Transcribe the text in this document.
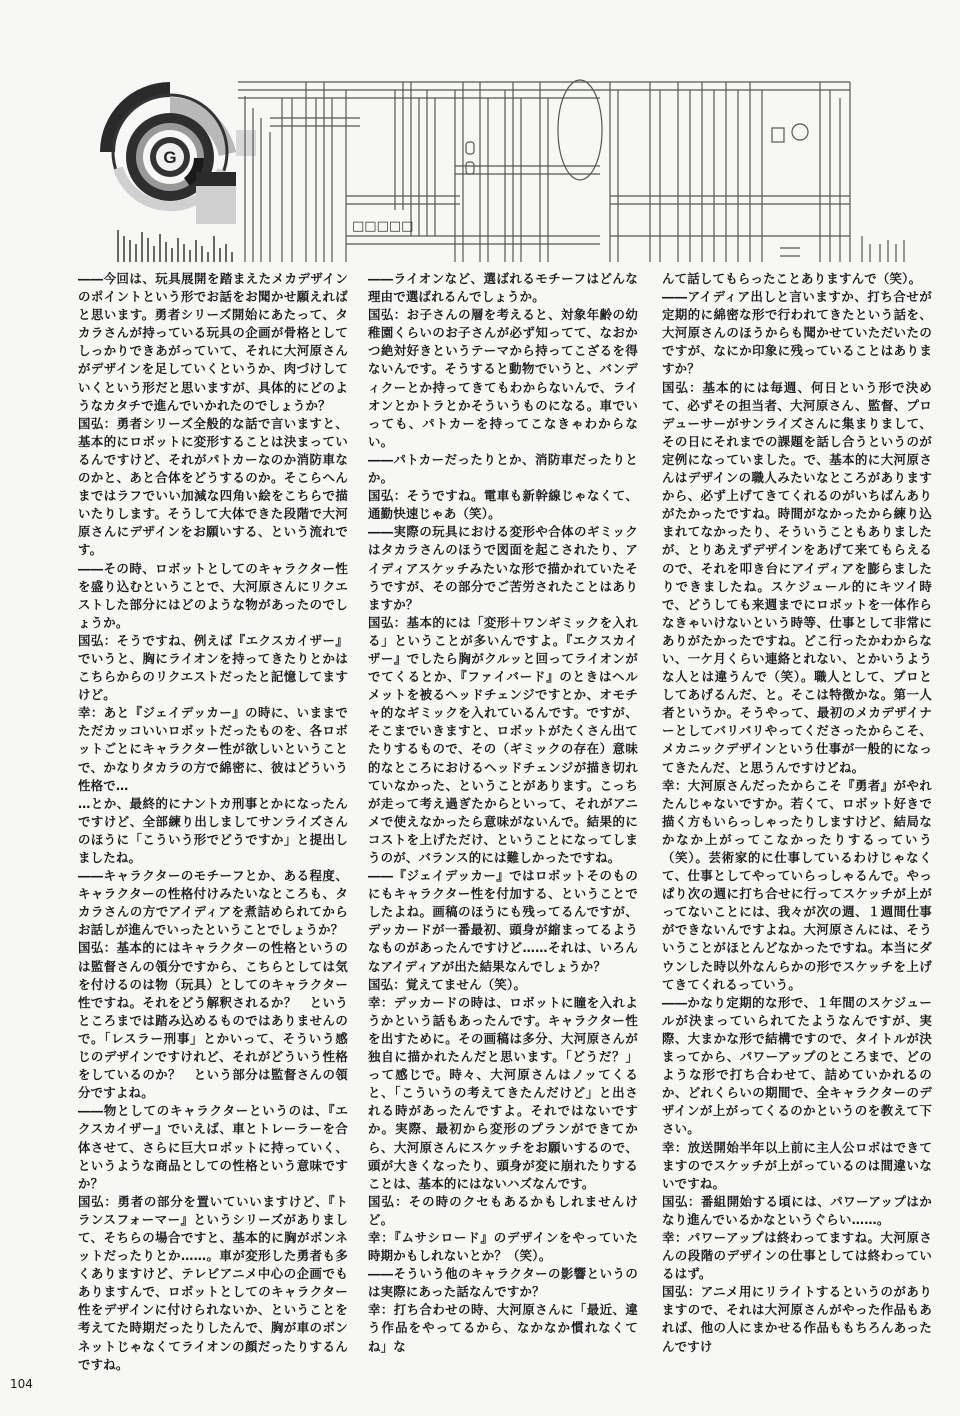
G
□□□□□

――今回は、玩具展開を踏まえたメカデザインのポイントという形でお話をお聞かせ願えればと思います。勇者シリーズ開始にあたって、タカラさんが持っている玩具の企画が骨格としてしっかりできあがっていて、それに大河原さんがデザインを足していくというか、肉づけしていくという形だと思いますが、具体的にどのようなカタチで進んでいかれたのでしょうか？

国弘：勇者シリーズ全般的な話で言いますと、基本的にロボットに変形することは決まっているんですけど、それがパトカーなのか消防車なのかと、あと合体をどうするのか。そこらへんまではラフでいい加減な四角い絵をこちらで描いたりします。そうして大体できた段階で大河原さんにデザインをお願いする、という流れです。

――その時、ロボットとしてのキャラクター性を盛り込むということで、大河原さんにリクエストした部分にはどのような物があったのでしょうか。

国弘：そうですね、例えば『エクスカイザー』でいうと、胸にライオンを持ってきたりとかはこちらからのリクエストだったと記憶してますけど。

幸：あと『ジェイデッカー』の時に、いままでただカッコいいロボットだったものを、各ロボットごとにキャラクター性が欲しいということで、かなりタカラの方で綿密に、彼はどういう性格で…

…とか、最終的にナントカ刑事とかになったんですけど、全部練り出しましてサンライズさんのほうに「こういう形でどうですか」と提出しましたね。

――キャラクターのモチーフとか、ある程度、キャラクターの性格付けみたいなところも、タカラさんの方でアイディアを煮詰められてからお話しが進んでいったということでしょうか？

国弘：基本的にはキャラクターの性格というのは監督さんの領分ですから、こちらとしては気を付けるのは物（玩具）としてのキャラクター性ですね。それをどう解釈されるか？　というところまでは踏み込めるものではありませんので。「レスラー刑事」とかいって、そういう感じのデザインですけれど、それがどういう性格をしているのか？　という部分は監督さんの領分ですよね。

――物としてのキャラクターというのは、『エクスカイザー』でいえば、車とトレーラーを合体させて、さらに巨大ロボットに持っていく、というような商品としての性格という意味ですか？

国弘：勇者の部分を置いていいますけど、『トランスフォーマー』というシリーズがありまして、そちらの場合ですと、基本的に胸がボンネットだったりとか……。車が変形した勇者も多くありますけど、テレビアニメ中心の企画でもありますんで、ロボットとしてのキャラクター性をデザインに付けられないか、ということを考えてた時期だったりしたんで、胸が車のボンネットじゃなくてライオンの顔だったりするんですね。

――ライオンなど、選ばれるモチーフはどんな理由で選ばれるんでしょうか。

国弘：お子さんの層を考えると、対象年齢の幼稚園くらいのお子さんが必ず知ってて、なおかつ絶対好きというテーマから持ってこざるを得ないんです。そうすると動物でいうと、バンディクーとか持ってきてもわからないんで、ライオンとかトラとかそういうものになる。車でいっても、パトカーを持ってこなきゃわからない。

――パトカーだったりとか、消防車だったりとか。

国弘：そうですね。電車も新幹線じゃなくて、通勤快速じゃあ（笑）。

――実際の玩具における変形や合体のギミックはタカラさんのほうで図面を起こされたり、アイディアスケッチみたいな形で描かれていたそうですが、その部分でご苦労されたことはありますか？

国弘：基本的には「変形＋ワンギミックを入れる」ということが多いんですよ。『エクスカイザー』でしたら胸がクルッと回ってライオンがでてくるとか、『ファイバード』のときはヘルメットを被るヘッドチェンジですとか、オモチャ的なギミックを入れているんです。ですが、そこまでいきますと、ロボットがたくさん出てたりするもので、その（ギミックの存在）意味的なところにおけるヘッドチェンジが描き切れていなかった、ということがあります。こっちが走って考え過ぎたからといって、それがアニメで使えなかったら意味がないんで。結果的にコストを上げただけ、ということになってしまうのが、バランス的には難しかったですね。

――『ジェイデッカー』ではロボットそのものにもキャラクター性を付加する、ということでしたよね。画稿のほうにも残ってるんですが、デッカードが一番最初、頭身が縮まってるようなものがあったんですけど……それは、いろんなアイディアが出た結果なんでしょうか？

国弘：覚えてません（笑）。

幸：デッカードの時は、ロボットに瞳を入れようかという話もあったんです。キャラクター性を出すために。その画稿は多分、大河原さんが独自に描かれたんだと思います。「どうだ？」って感じで。時々、大河原さんはノッてくると、「こういうの考えてきたんだけど」と出される時があったんですよ。それではないですか。実際、最初から変形のプランができてから、大河原さんにスケッチをお願いするので、頭が大きくなったり、頭身が変に崩れたりすることは、基本的にはないハズなんです。

国弘：その時のクセもあるかもしれませんけど。

幸：『ムサシロード』のデザインをやっていた時期かもしれないとか？（笑）。

――そういう他のキャラクターの影響というのは実際にあった話なんですか？

幸：打ち合わせの時、大河原さんに「最近、違う作品をやってるから、なかなか慣れなくてね」な

んて話してもらったことありますんで（笑）。

――アイディア出しと言いますか、打ち合せが定期的に綿密な形で行われてきたという話を、大河原さんのほうからも聞かせていただいたのですが、なにか印象に残っていることはありますか？

国弘：基本的には毎週、何日という形で決めて、必ずその担当者、大河原さん、監督、プロデューサーがサンライズさんに集まりまして、その日にそれまでの課題を話し合うというのが定例になっていました。で、基本的に大河原さんはデザインの職人みたいなところがありますから、必ず上げてきてくれるのがいちばんありがたかったですね。時間がなかったから練り込まれてなかったり、そういうこともありましたが、とりあえずデザインをあげて来てもらえるので、それを叩き台にアイディアを膨らましたりできましたね。スケジュール的にキツイ時で、どうしても来週までにロボットを一体作らなきゃいけないという時等、仕事として非常にありがたかったですね。どこ行ったかわからない、一ケ月くらい連絡とれない、とかいうような人とは違うんで（笑）。職人として、プロとしてあげるんだ、と。そこは特徴かな。第一人者というか。そうやって、最初のメカデザイナーとしてバリバリやってくださったからこそ、メカニックデザインという仕事が一般的になってきたんだ、と思うんですけどね。

幸：大河原さんだったからこそ『勇者』がやれたんじゃないですか。若くて、ロボット好きで描く方もいらっしゃったりしますけど、結局なかなか上がってこなかったりするっていう（笑）。芸術家的に仕事しているわけじゃなくて、仕事としてやっていらっしゃるんで。やっぱり次の週に打ち合せに行ってスケッチが上がってないことには、我々が次の週、１週間仕事ができないんですよね。大河原さんには、そういうことがほとんどなかったですね。本当にダウンした時以外なんらかの形でスケッチを上げてきてくれるっていう。

――かなり定期的な形で、１年間のスケジュールが決まっていられてたようなんですが、実際、大まかな形で結構ですので、タイトルが決まってから、パワーアップのところまで、どのような形で打ち合わせて、詰めていかれるのか、どれくらいの期間で、全キャラクターのデザインが上がってくるのかというのを教えて下さい。

幸：放送開始半年以上前に主人公ロボはできてますのでスケッチが上がっているのは間違いないですね。

国弘：番組開始する頃には、パワーアップはかなり進んでいるかなというぐらい……。

幸：パワーアップは終わってますね。大河原さんの段階のデザインの仕事としては終わっているはず。

国弘：アニメ用にリライトするというのがありますので、それは大河原さんがやった作品もあれば、他の人にまかせる作品ももちろんあったんですけ

104
